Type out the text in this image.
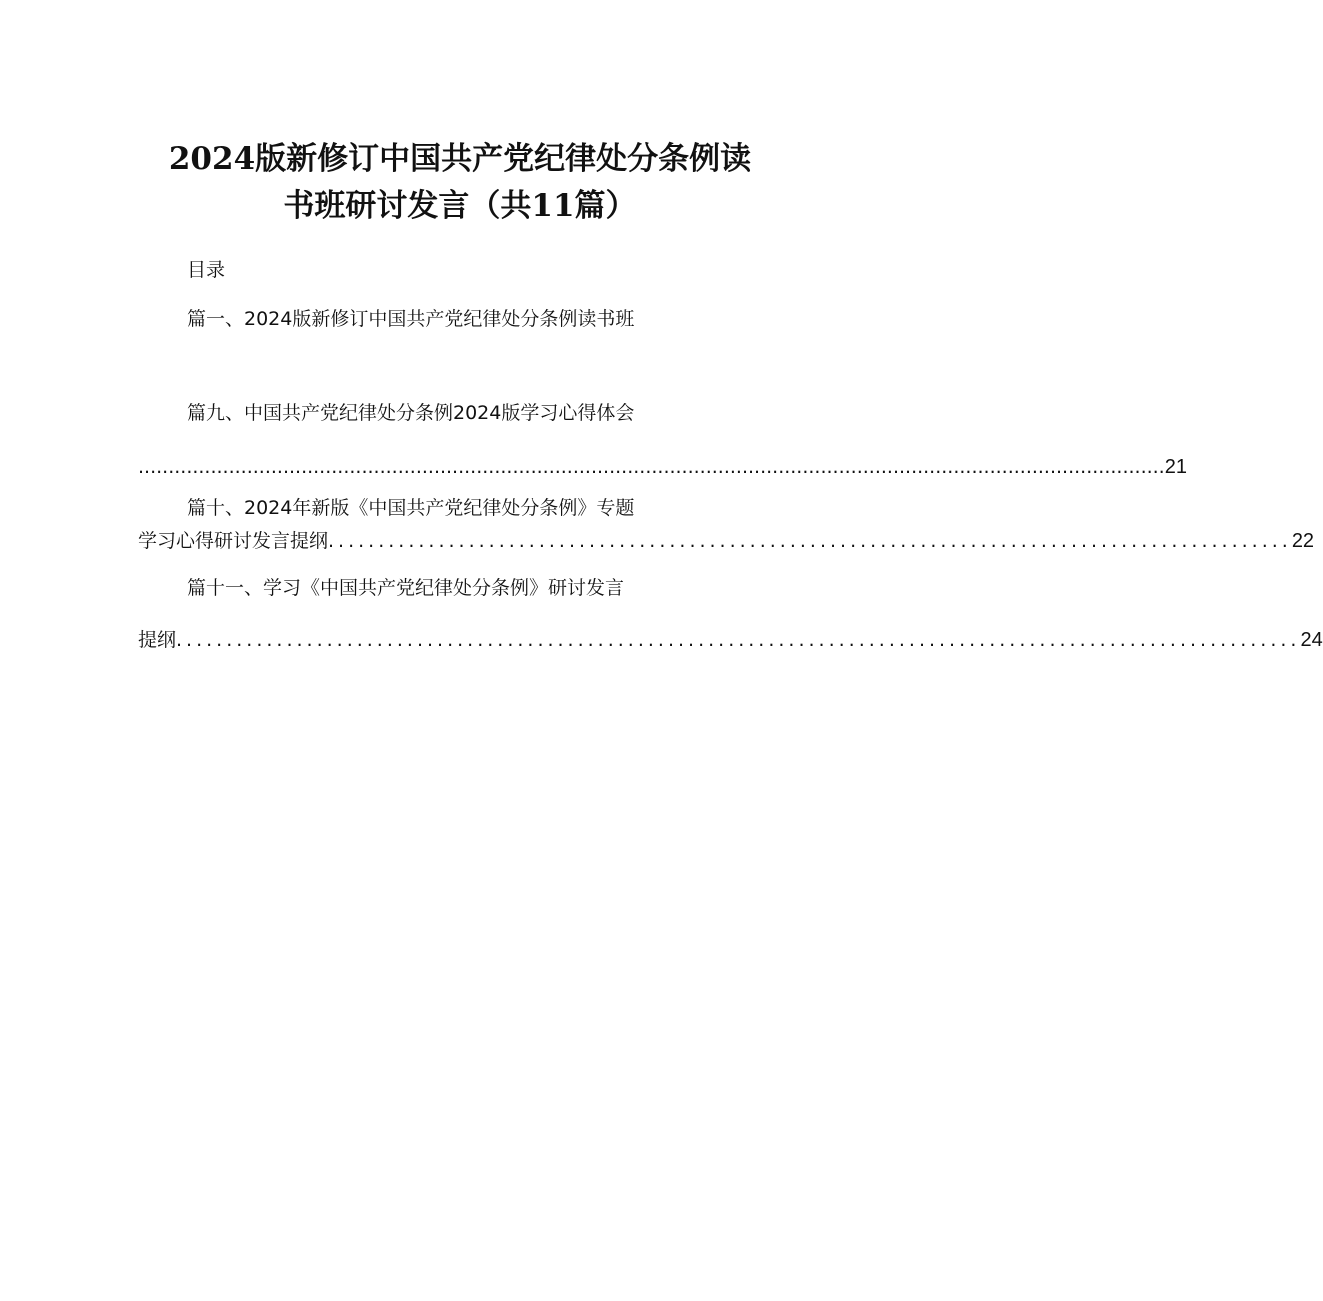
2024版新修订中国共产党纪律处分条例读
书班研讨发言（共11篇）
目录
篇一、2024版新修订中国共产党纪律处分条例读书班
篇九、中国共产党纪律处分条例2024版学习心得体会
.......................................................................................................................................................................... 21
篇十、2024年新版《中国共产党纪律处分条例》专题
学习心得研讨发言提纲 ................................................................................................ 22
篇十一、学习《中国共产党纪律处分条例》研讨发言
提纲 ................................................................................................................ 24
